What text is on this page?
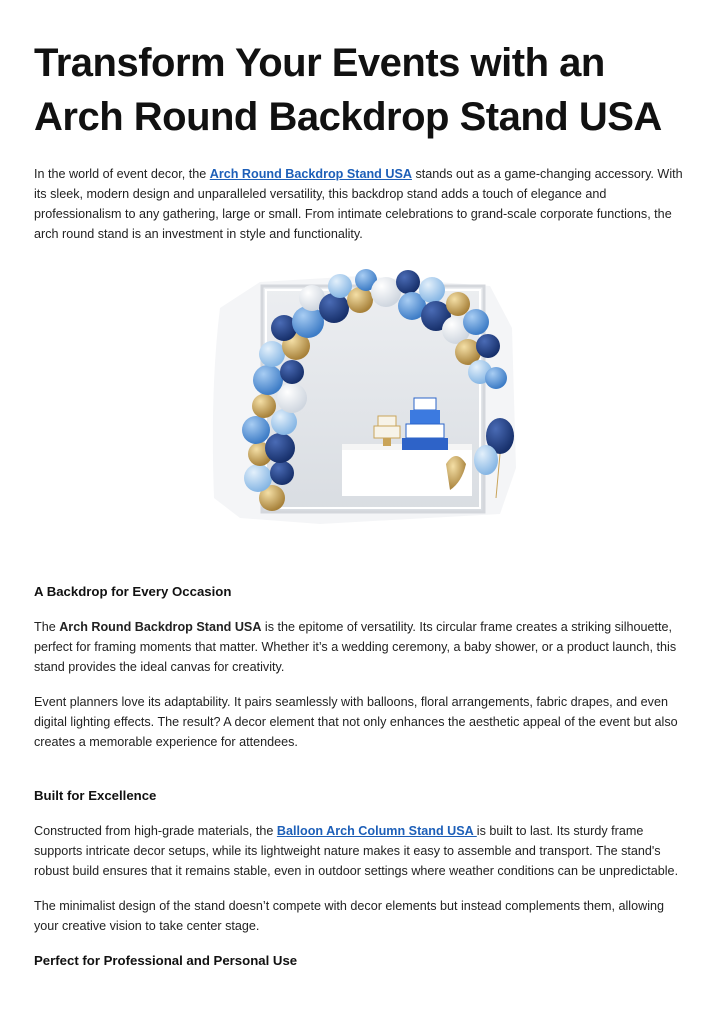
Transform Your Events with an Arch Round Backdrop Stand USA

In the world of event decor, the Arch Round Backdrop Stand USA stands out as a game-changing accessory. With its sleek, modern design and unparalleled versatility, this backdrop stand adds a touch of elegance and professionalism to any gathering, large or small. From intimate celebrations to grand-scale corporate functions, the arch round stand is an investment in style and functionality.

A Backdrop for Every Occasion

The Arch Round Backdrop Stand USA is the epitome of versatility. Its circular frame creates a striking silhouette, perfect for framing moments that matter. Whether it’s a wedding ceremony, a baby shower, or a product launch, this stand provides the ideal canvas for creativity.

Event planners love its adaptability. It pairs seamlessly with balloons, floral arrangements, fabric drapes, and even digital lighting effects. The result? A decor element that not only enhances the aesthetic appeal of the event but also creates a memorable experience for attendees.

Built for Excellence

Constructed from high-grade materials, the Balloon Arch Column Stand USA is built to last. Its sturdy frame supports intricate decor setups, while its lightweight nature makes it easy to assemble and transport. The stand's robust build ensures that it remains stable, even in outdoor settings where weather conditions can be unpredictable.

The minimalist design of the stand doesn’t compete with decor elements but instead complements them, allowing your creative vision to take center stage.

Perfect for Professional and Personal Use
